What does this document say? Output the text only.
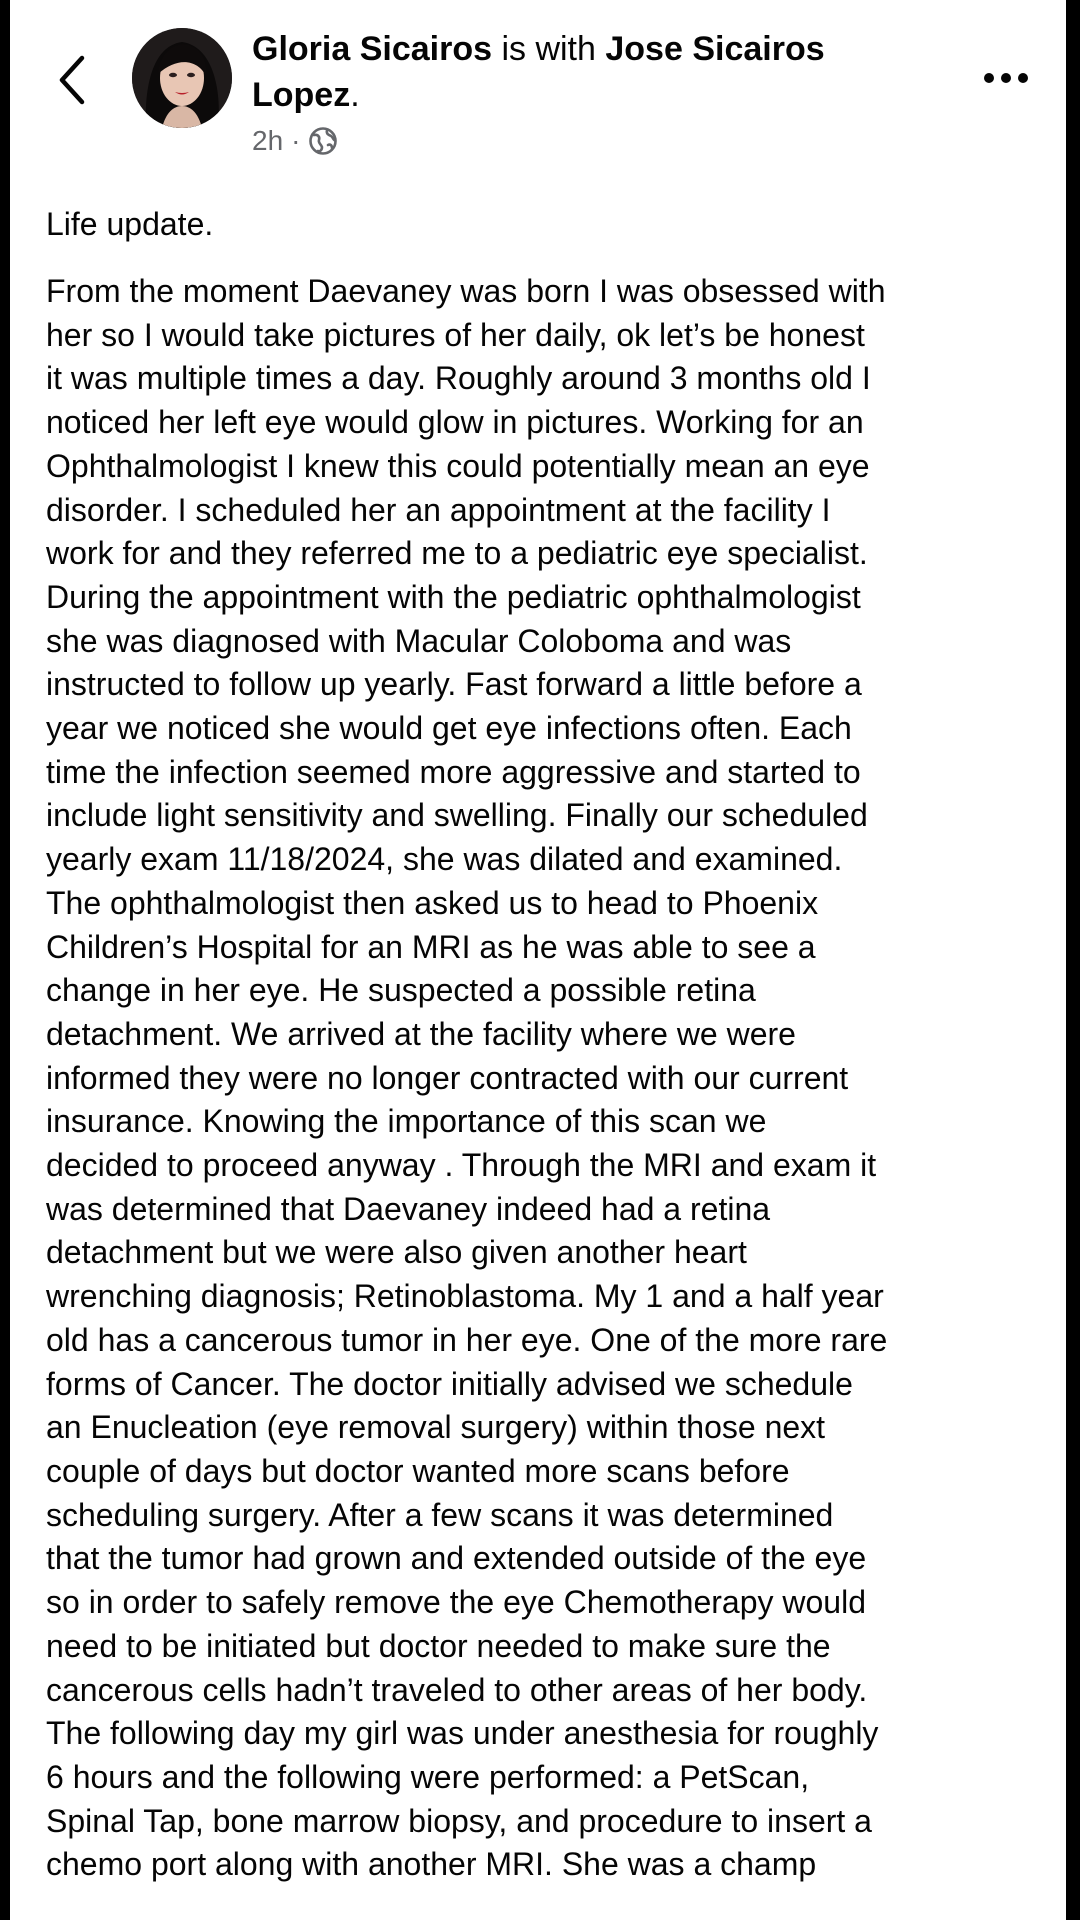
Gloria Sicairos is with Jose Sicairos Lopez.
2h ·

Life update.

From the moment Daevaney was born I was obsessed with
her so I would take pictures of her daily, ok let’s be honest
it was multiple times a day. Roughly around 3 months old I
noticed her left eye would glow in pictures. Working for an
Ophthalmologist I knew this could potentially mean an eye
disorder. I scheduled her an appointment at the facility I
work for and they referred me to a pediatric eye specialist.
During the appointment with the pediatric ophthalmologist
she was diagnosed with Macular Coloboma and was
instructed to follow up yearly. Fast forward a little before a
year we noticed she would get eye infections often. Each
time the infection seemed more aggressive and started to
include light sensitivity and swelling. Finally our scheduled
yearly exam 11/18/2024, she was dilated and examined.
The ophthalmologist then asked us to head to Phoenix
Children’s Hospital for an MRI as he was able to see a
change in her eye. He suspected a possible retina
detachment. We arrived at the facility where we were
informed they were no longer contracted with our current
insurance. Knowing the importance of this scan we
decided to proceed anyway . Through the MRI and exam it
was determined that Daevaney indeed had a retina
detachment but we were also given another heart
wrenching diagnosis; Retinoblastoma. My 1 and a half year
old has a cancerous tumor in her eye. One of the more rare
forms of Cancer. The doctor initially advised we schedule
an Enucleation (eye removal surgery) within those next
couple of days but doctor wanted more scans before
scheduling surgery. After a few scans it was determined
that the tumor had grown and extended outside of the eye
so in order to safely remove the eye Chemotherapy would
need to be initiated but doctor needed to make sure the
cancerous cells hadn’t traveled to other areas of her body.
The following day my girl was under anesthesia for roughly
6 hours and the following were performed: a PetScan,
Spinal Tap, bone marrow biopsy, and procedure to insert a
chemo port along with another MRI. She was a champ
